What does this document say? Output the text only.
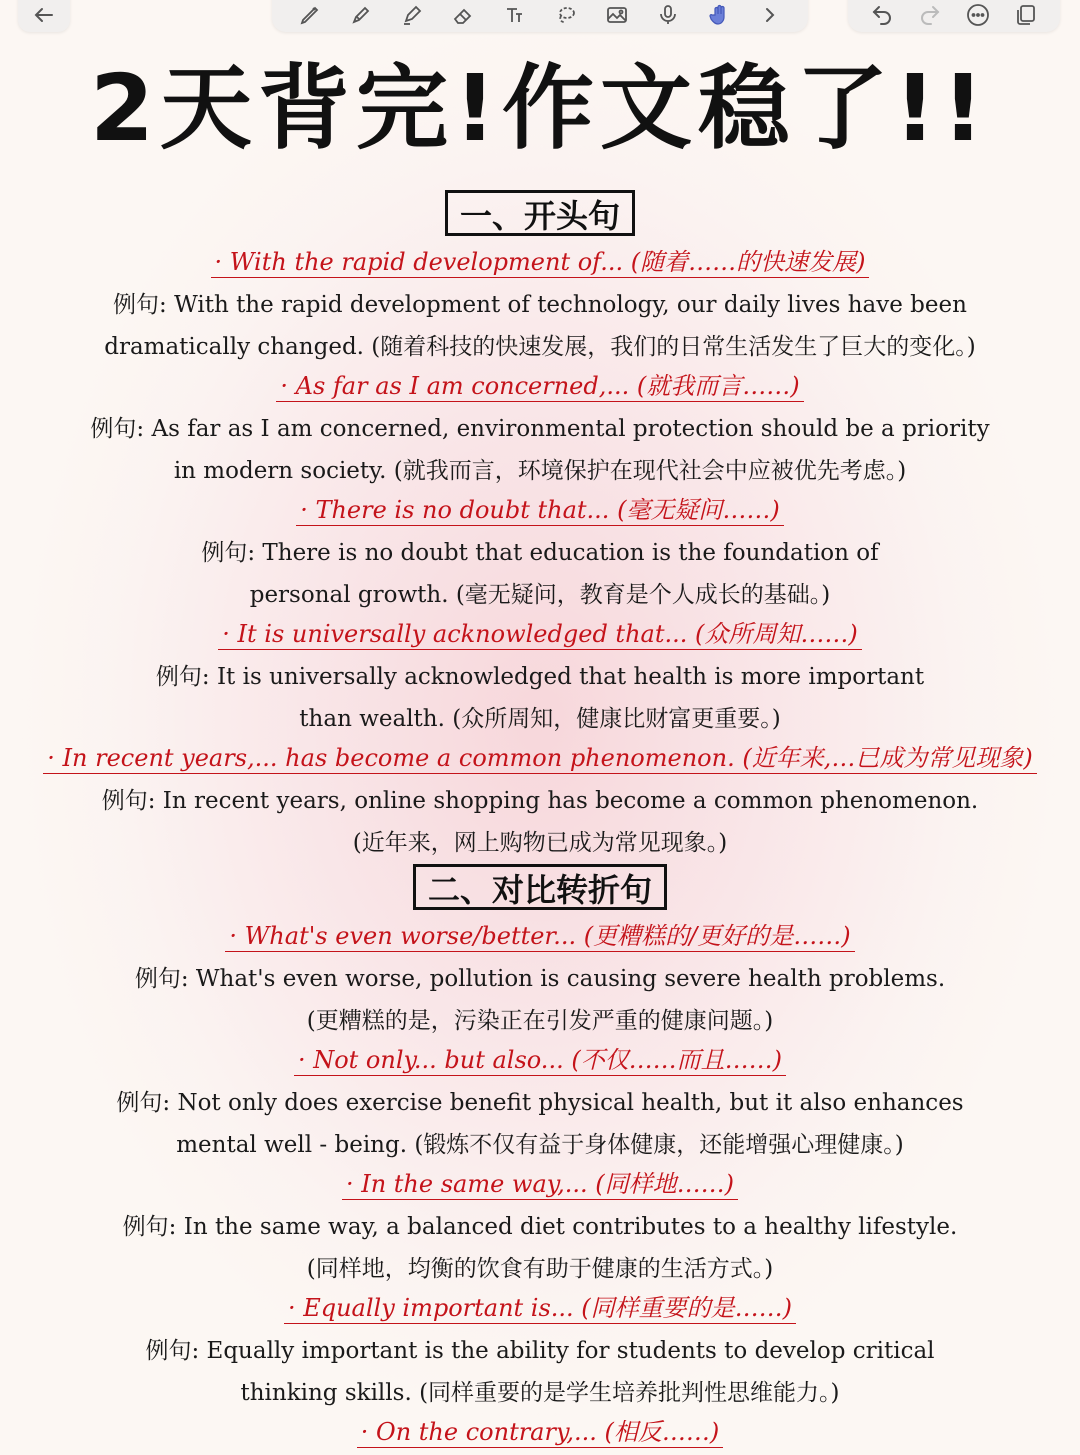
2天背完!作文稳了!!
一、开头句
· With the rapid development of... (随着……的快速发展)
例句: With the rapid development of technology, our daily lives have been
dramatically changed. (随着科技的快速发展，我们的日常生活发生了巨大的变化。)
· As far as I am concerned,... (就我而言……)
例句: As far as I am concerned, environmental protection should be a priority
in modern society. (就我而言，环境保护在现代社会中应被优先考虑。)
· There is no doubt that... (毫无疑问……)
例句: There is no doubt that education is the foundation of
personal growth. (毫无疑问，教育是个人成长的基础。)
· It is universally acknowledged that... (众所周知……)
例句: It is universally acknowledged that health is more important
than wealth. (众所周知，健康比财富更重要。)
· In recent years,... has become a common phenomenon. (近年来,…已成为常见现象)
例句: In recent years, online shopping has become a common phenomenon.
(近年来，网上购物已成为常见现象。)
二、对比转折句
· What's even worse/better... (更糟糕的/更好的是……)
例句: What's even worse, pollution is causing severe health problems.
(更糟糕的是，污染正在引发严重的健康问题。)
· Not only... but also... (不仅……而且……)
例句: Not only does exercise benefit physical health, but it also enhances
mental well - being. (锻炼不仅有益于身体健康，还能增强心理健康。)
· In the same way,... (同样地……)
例句: In the same way, a balanced diet contributes to a healthy lifestyle.
(同样地，均衡的饮食有助于健康的生活方式。)
· Equally important is... (同样重要的是……)
例句: Equally important is the ability for students to develop critical
thinking skills. (同样重要的是学生培养批判性思维能力。)
· On the contrary,... (相反……)
